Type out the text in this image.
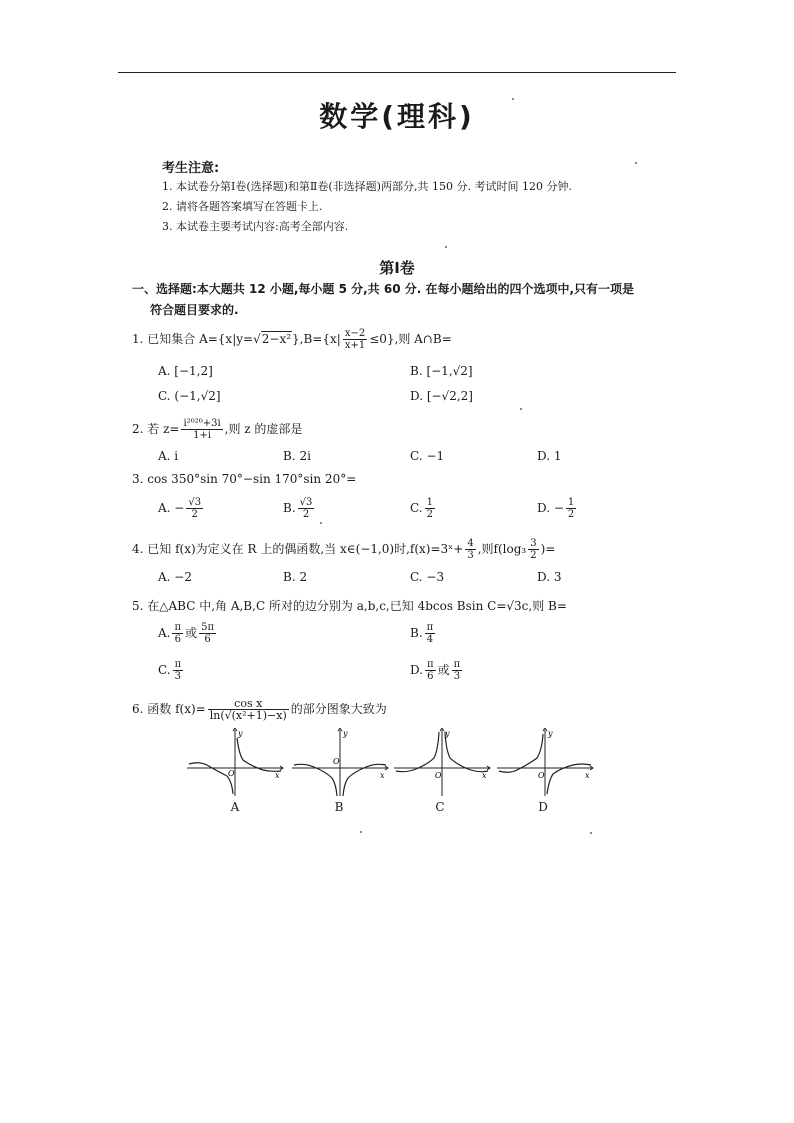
数学(理科)
考生注意:
1. 本试卷分第Ⅰ卷(选择题)和第Ⅱ卷(非选择题)两部分,共 150 分. 考试时间 120 分钟.
2. 请将各题答案填写在答题卡上.
3. 本试卷主要考试内容:高考全部内容.
第Ⅰ卷
一、选择题:本大题共 12 小题,每小题 5 分,共 60 分. 在每小题给出的四个选项中,只有一项是
符合题目要求的.
1. 已知集合 $A=\{x|y=√2-x^2\},B=\{x| \frac{x-2}{x+1} \le 0\}$,则 A∩B=
A. [−1,2]	B. [−1,√2]
C. (−1,√2]	D. [−√2,2]
2. 若 $z= \frac{\text{i²⁰²⁰+3i}}{1+i}$ ,则 z 的虚部是
A. i	B. 2i	C. −1	D. 1
3. cos 350°sin 70°−sin 170°sin 20°=
A. − $\frac{√3}{2}$	B. $\frac{√3}{2}$	C. $\frac{1}{2}$	D. − $\frac{1}{2}$
4. 已知 f(x)为定义在 R 上的偶函数,当 x∈(−1,0)时,f(x)=3ˣ+ $\frac{4}{3}$ ,则$f(\log_3 \frac{3}{2}$ )=
A. −2	B. 2	C. −3	D. 3
5. 在△ABC 中,角 A,B,C 所对的边分别为 a,b,c,已知 4bcos Bsin C=√3c,则 B=
A. $\frac{\pi}{6}$ 或 $\frac{5\pi}{6}$	B. $\frac{\pi}{4}$
C. $\frac{\pi}{3}$	D. $\frac{\pi}{6}$ 或 $\frac{\pi}{3}$
6. 函数 $f(x)= \frac{\text{cos x}}{\text{ln(√(x²+1)−x)}}$ 的部分图象大致为
O
y
x
A
O
y
x
B
O
y
x
C
O
y
x
D
